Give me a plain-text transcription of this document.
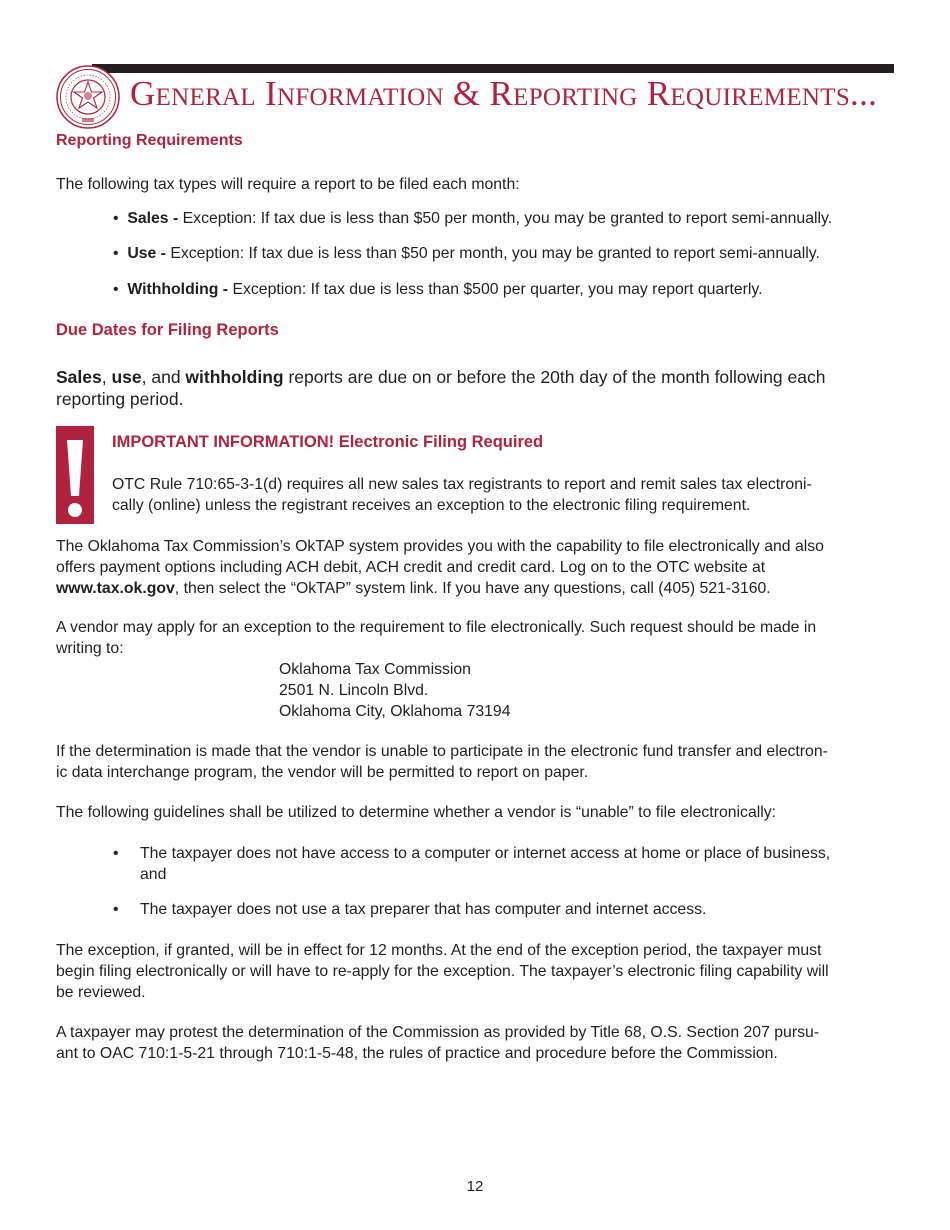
General Information & Reporting Requirements...
Reporting Requirements
The following tax types will require a report to be filed each month:
• Sales - Exception: If tax due is less than $50 per month, you may be granted to report semi-annually.
• Use - Exception: If tax due is less than $50 per month, you may be granted to report semi-annually.
• Withholding - Exception: If tax due is less than $500 per quarter, you may report quarterly.
Due Dates for Filing Reports
Sales, use, and withholding reports are due on or before the 20th day of the month following each
reporting period.
IMPORTANT INFORMATION! Electronic Filing Required
OTC Rule 710:65-3-1(d) requires all new sales tax registrants to report and remit sales tax electroni-
cally (online) unless the registrant receives an exception to the electronic filing requirement.
The Oklahoma Tax Commission’s OkTAP system provides you with the capability to file electronically and also
offers payment options including ACH debit, ACH credit and credit card. Log on to the OTC website at
www.tax.ok.gov, then select the “OkTAP” system link. If you have any questions, call (405) 521-3160.
A vendor may apply for an exception to the requirement to file electronically. Such request should be made in
writing to:
Oklahoma Tax Commission
2501 N. Lincoln Blvd.
Oklahoma City, Oklahoma 73194
If the determination is made that the vendor is unable to participate in the electronic fund transfer and electron-
ic data interchange program, the vendor will be permitted to report on paper.
The following guidelines shall be utilized to determine whether a vendor is “unable” to file electronically:
• The taxpayer does not have access to a computer or internet access at home or place of business,
and
• The taxpayer does not use a tax preparer that has computer and internet access.
The exception, if granted, will be in effect for 12 months. At the end of the exception period, the taxpayer must
begin filing electronically or will have to re-apply for the exception. The taxpayer’s electronic filing capability will
be reviewed.
A taxpayer may protest the determination of the Commission as provided by Title 68, O.S. Section 207 pursu-
ant to OAC 710:1-5-21 through 710:1-5-48, the rules of practice and procedure before the Commission.
12
